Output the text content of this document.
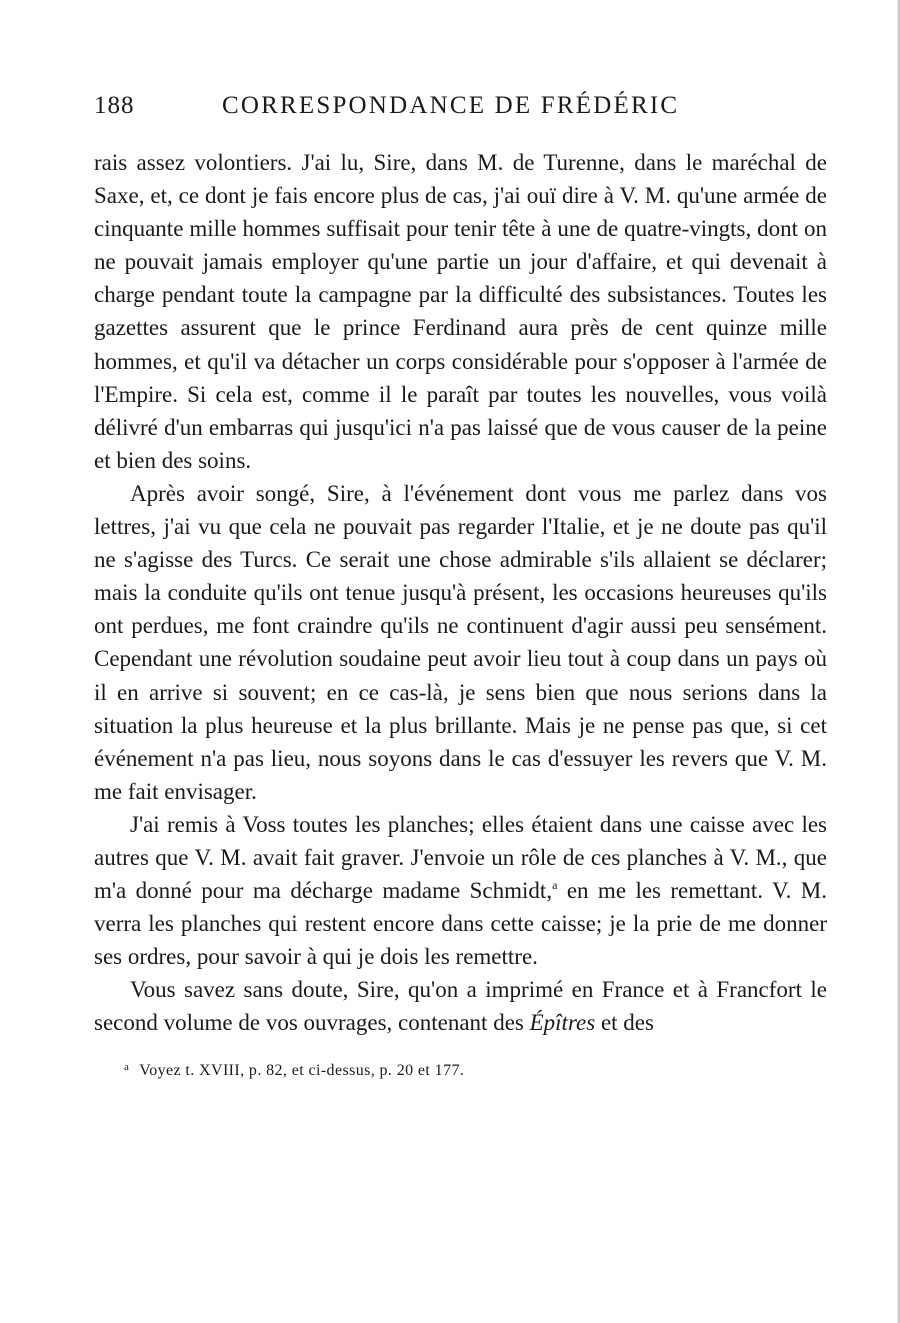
188	CORRESPONDANCE DE FRÉDÉRIC

rais assez volontiers. J'ai lu, Sire, dans M. de Turenne, dans le maréchal de Saxe, et, ce dont je fais encore plus de cas, j'ai ouï dire à V. M. qu'une armée de cinquante mille hommes suffisait pour tenir tête à une de quatre-vingts, dont on ne pouvait jamais employer qu'une partie un jour d'affaire, et qui devenait à charge pendant toute la campagne par la difficulté des subsistances. Toutes les gazettes assurent que le prince Ferdinand aura près de cent quinze mille hommes, et qu'il va détacher un corps considérable pour s'opposer à l'armée de l'Empire. Si cela est, comme il le paraît par toutes les nouvelles, vous voilà délivré d'un embarras qui jusqu'ici n'a pas laissé que de vous causer de la peine et bien des soins.

Après avoir songé, Sire, à l'événement dont vous me parlez dans vos lettres, j'ai vu que cela ne pouvait pas regarder l'Italie, et je ne doute pas qu'il ne s'agisse des Turcs. Ce serait une chose admirable s'ils allaient se déclarer; mais la conduite qu'ils ont tenue jusqu'à présent, les occasions heureuses qu'ils ont perdues, me font craindre qu'ils ne continuent d'agir aussi peu sensément. Cependant une révolution soudaine peut avoir lieu tout à coup dans un pays où il en arrive si souvent; en ce cas-là, je sens bien que nous serions dans la situation la plus heureuse et la plus brillante. Mais je ne pense pas que, si cet événement n'a pas lieu, nous soyons dans le cas d'essuyer les revers que V. M. me fait envisager.

J'ai remis à Voss toutes les planches; elles étaient dans une caisse avec les autres que V. M. avait fait graver. J'envoie un rôle de ces planches à V. M., que m'a donné pour ma décharge madame Schmidt,$^a$ en me les remettant. V. M. verra les planches qui restent encore dans cette caisse; je la prie de me donner ses ordres, pour savoir à qui je dois les remettre.

Vous savez sans doute, Sire, qu'on a imprimé en France et à Francfort le second volume de vos ouvrages, contenant des Épîtres et des

$^a$ Voyez t. XVIII, p. 82, et ci-dessus, p. 20 et 177.
